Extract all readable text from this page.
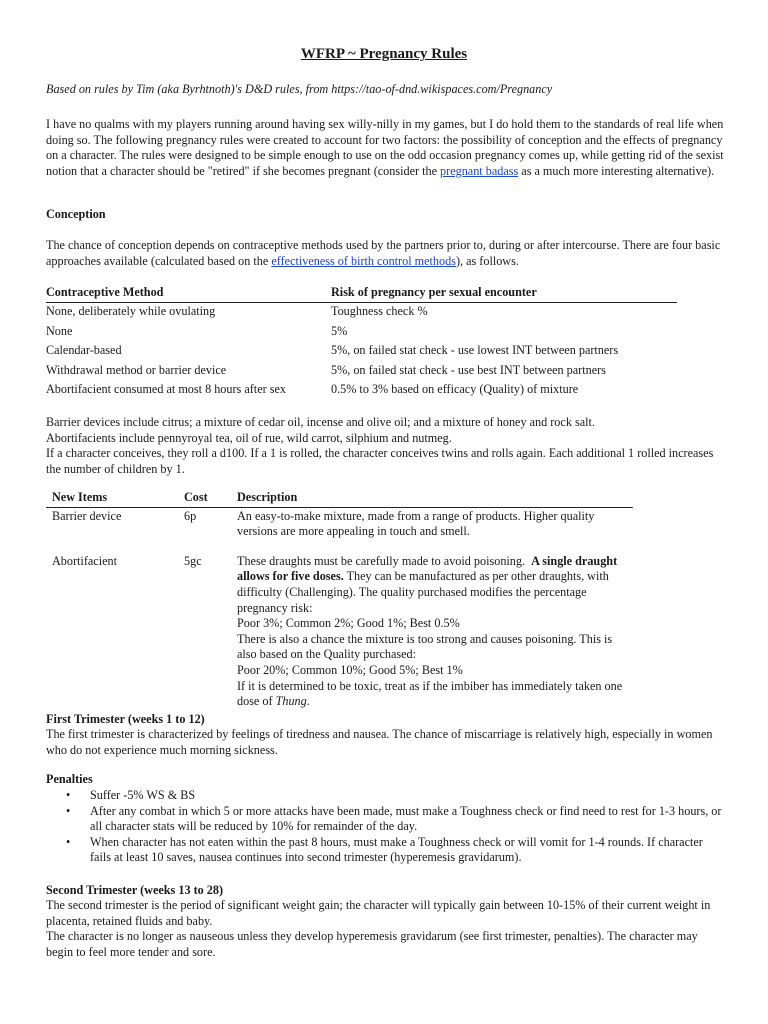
WFRP ~ Pregnancy Rules
Based on rules by Tim (aka Byrhtnoth)'s D&D rules, from https://tao-of-dnd.wikispaces.com/Pregnancy

I have no qualms with my players running around having sex willy-nilly in my games, but I do hold them to the standards of real life when doing so. The following pregnancy rules were created to account for two factors: the possibility of conception and the effects of pregnancy on a character. The rules were designed to be simple enough to use on the odd occasion pregnancy comes up, while getting rid of the sexist notion that a character should be "retired" if she becomes pregnant (consider the pregnant badass as a much more interesting alternative).

Conception

The chance of conception depends on contraceptive methods used by the partners prior to, during or after intercourse. There are four basic approaches available (calculated based on the effectiveness of birth control methods), as follows.

Contraceptive Method	Risk of pregnancy per sexual encounter
None, deliberately while ovulating	Toughness check %
None	5%
Calendar-based	5%, on failed stat check - use lowest INT between partners
Withdrawal method or barrier device	5%, on failed stat check - use best INT between partners
Abortifacient consumed at most 8 hours after sex	0.5% to 3% based on efficacy (Quality) of mixture

Barrier devices include citrus; a mixture of cedar oil, incense and olive oil; and a mixture of honey and rock salt.

Abortifacients include pennyroyal tea, oil of rue, wild carrot, silphium and nutmeg.

If a character conceives, they roll a d100. If a 1 is rolled, the character conceives twins and rolls again. Each additional 1 rolled increases the number of children by 1.

New Items	Cost	Description
Barrier device	6p	An easy-to-make mixture, made from a range of products. Higher quality versions are more appealing in touch and smell.
Abortifacient	5gc	These draughts must be carefully made to avoid poisoning. A single draught allows for five doses. They can be manufactured as per other draughts, with difficulty (Challenging). The quality purchased modifies the percentage pregnancy risk:

Poor 3%; Common 2%; Good 1%; Best 0.5%

There is also a chance the mixture is too strong and causes poisoning. This is also based on the Quality purchased:

Poor 20%; Common 10%; Good 5%; Best 1%

If it is determined to be toxic, treat as if the imbiber has immediately taken one dose of Thung.

First Trimester (weeks 1 to 12)

The first trimester is characterized by feelings of tiredness and nausea. The chance of miscarriage is relatively high, especially in women who do not experience much morning sickness.

Penalties
• Suffer -5% WS & BS
• After any combat in which 5 or more attacks have been made, must make a Toughness check or find need to rest for 1-3 hours, or all character stats will be reduced by 10% for remainder of the day.
• When character has not eaten within the past 8 hours, must make a Toughness check or will vomit for 1-4 rounds. If character fails at least 10 saves, nausea continues into second trimester (hyperemesis gravidarum).
Second Trimester (weeks 13 to 28)

The second trimester is the period of significant weight gain; the character will typically gain between 10-15% of their current weight in placenta, retained fluids and baby.

The character is no longer as nauseous unless they develop hyperemesis gravidarum (see first trimester, penalties). The character may begin to feel more tender and sore.
